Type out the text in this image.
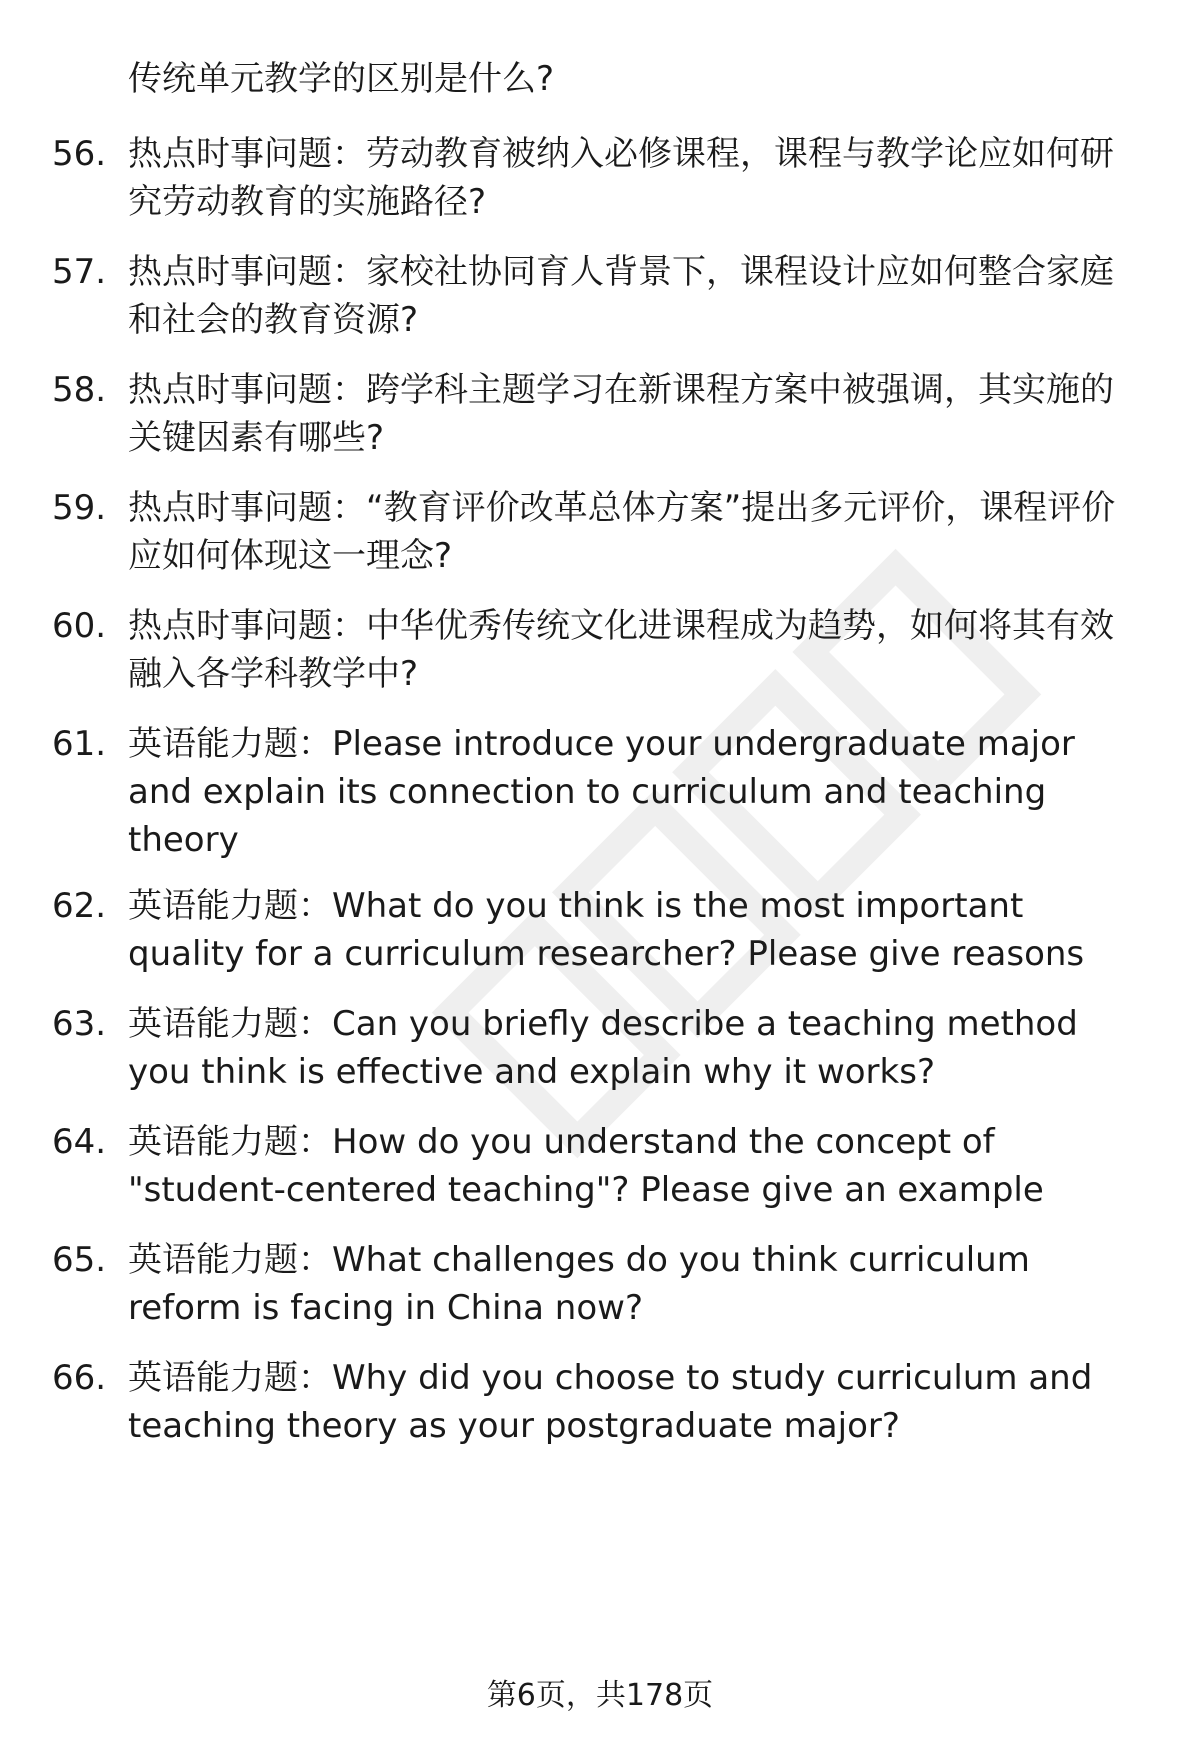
传统单元教学的区别是什么?
56. 热点时事问题：劳动教育被纳入必修课程，课程与教学论应如何研究劳动教育的实施路径?
57. 热点时事问题：家校社协同育人背景下，课程设计应如何整合家庭和社会的教育资源?
58. 热点时事问题：跨学科主题学习在新课程方案中被强调，其实施的关键因素有哪些?
59. 热点时事问题：“教育评价改革总体方案”提出多元评价，课程评价应如何体现这一理念?
60. 热点时事问题：中华优秀传统文化进课程成为趋势，如何将其有效融入各学科教学中?
61. 英语能力题：Please introduce your undergraduate major and explain its connection to curriculum and teaching theory
62. 英语能力题：What do you think is the most important quality for a curriculum researcher? Please give reasons
63. 英语能力题：Can you briefly describe a teaching method you think is effective and explain why it works?
64. 英语能力题：How do you understand the concept of "student-centered teaching"? Please give an example
65. 英语能力题：What challenges do you think curriculum reform is facing in China now?
66. 英语能力题：Why did you choose to study curriculum and teaching theory as your postgraduate major?
第6页，共178页
